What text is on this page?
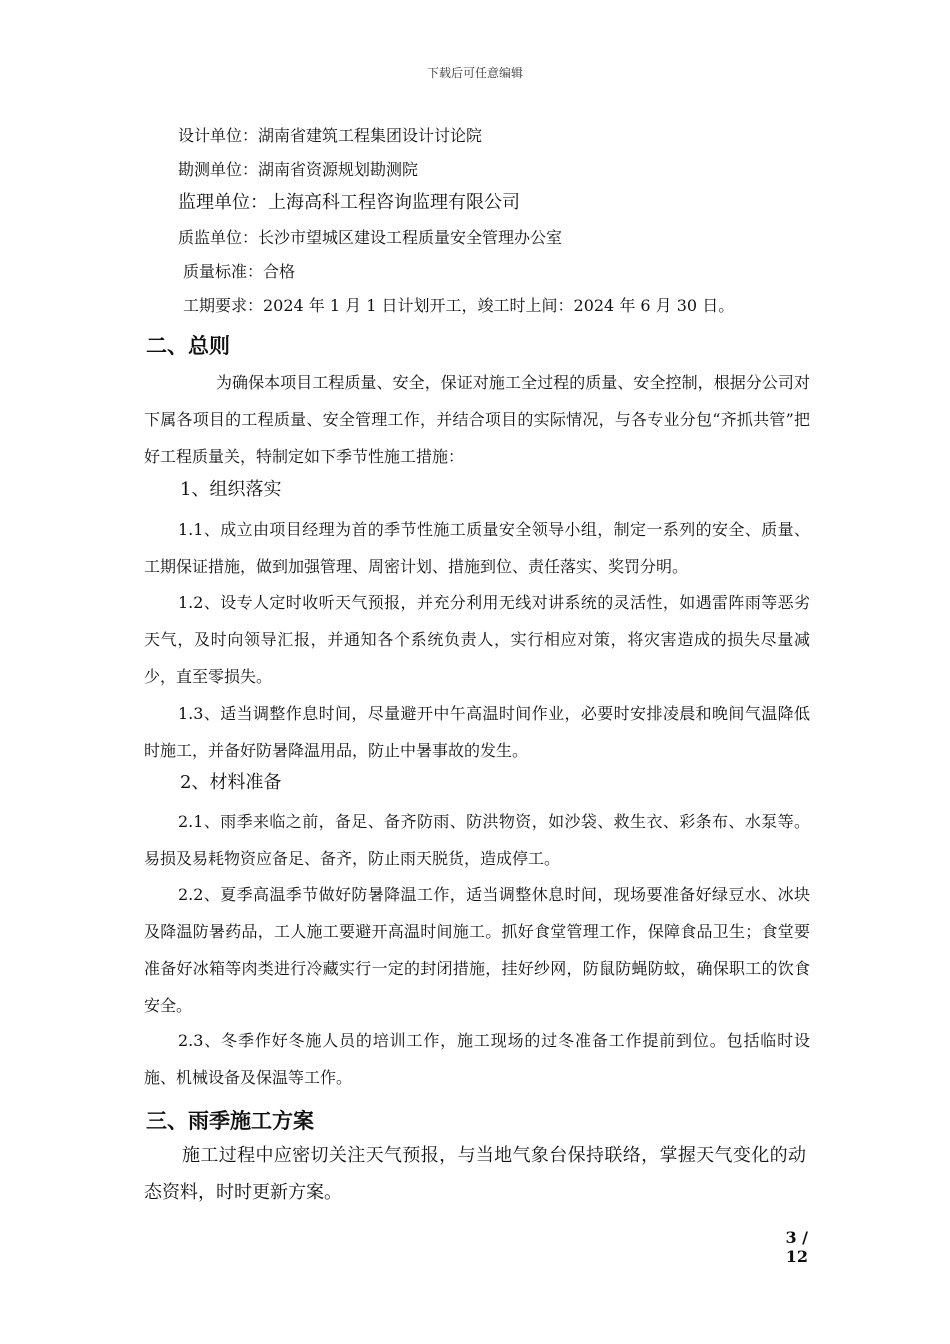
下载后可任意编辑
设计单位：湖南省建筑工程集团设计讨论院
勘测单位：湖南省资源规划勘测院
监理单位：上海高科工程咨询监理有限公司
质监单位：长沙市望城区建设工程质量安全管理办公室
质量标准：合格
工期要求：2024 年 1 月 1 日计划开工，竣工时上间：2024 年 6 月 30 日。
二、总则
为确保本项目工程质量、安全，保证对施工全过程的质量、安全控制，根据分公司对下属各项目的工程质量、安全管理工作，并结合项目的实际情况，与各专业分包“齐抓共管”把好工程质量关，特制定如下季节性施工措施：
1、组织落实
1.1、成立由项目经理为首的季节性施工质量安全领导小组，制定一系列的安全、质量、工期保证措施，做到加强管理、周密计划、措施到位、责任落实、奖罚分明。
1.2、设专人定时收听天气预报，并充分利用无线对讲系统的灵活性，如遇雷阵雨等恶劣天气，及时向领导汇报，并通知各个系统负责人，实行相应对策，将灾害造成的损失尽量减少，直至零损失。
1.3、适当调整作息时间，尽量避开中午高温时间作业，必要时安排凌晨和晚间气温降低时施工，并备好防暑降温用品，防止中暑事故的发生。
2、材料准备
2.1、雨季来临之前，备足、备齐防雨、防洪物资，如沙袋、救生衣、彩条布、水泵等。易损及易耗物资应备足、备齐，防止雨天脱货，造成停工。
2.2、夏季高温季节做好防暑降温工作，适当调整休息时间，现场要准备好绿豆水、冰块及降温防暑药品，工人施工要避开高温时间施工。抓好食堂管理工作，保障食品卫生；食堂要准备好冰箱等肉类进行冷藏实行一定的封闭措施，挂好纱网，防鼠防蝇防蚊，确保职工的饮食安全。
2.3、冬季作好冬施人员的培训工作，施工现场的过冬准备工作提前到位。包括临时设施、机械设备及保温等工作。
三、雨季施工方案
施工过程中应密切关注天气预报，与当地气象台保持联络，掌握天气变化的动态资料，时时更新方案。
3 / 12
